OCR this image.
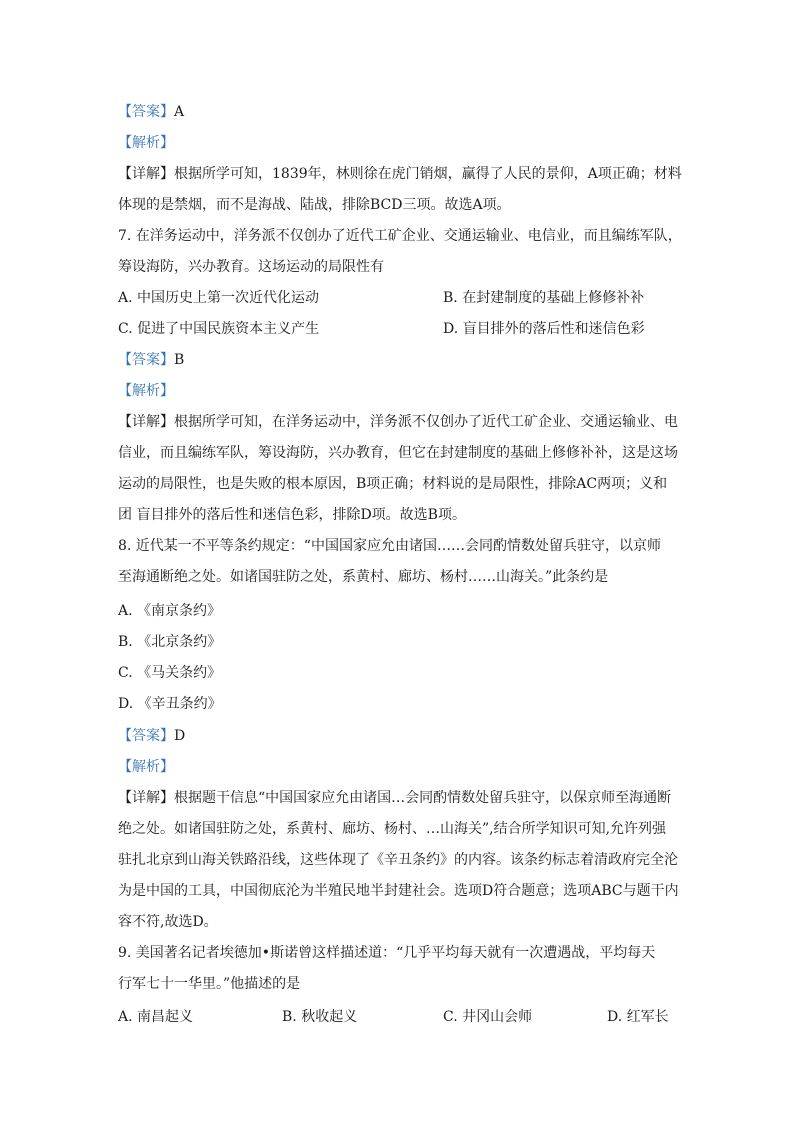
【答案】A
【解析】
【详解】根据所学可知，1839年，林则徐在虎门销烟，赢得了人民的景仰，A项正确；材料
体现的是禁烟，而不是海战、陆战，排除BCD三项。故选A项。
7. 在洋务运动中，洋务派不仅创办了近代工矿企业、交通运输业、电信业，而且编练军队，
筹设海防，兴办教育。这场运动的局限性有
A. 中国历史上第一次近代化运动	B. 在封建制度的基础上修修补补
C. 促进了中国民族资本主义产生	D. 盲目排外的落后性和迷信色彩
【答案】B
【解析】
【详解】根据所学可知，在洋务运动中，洋务派不仅创办了近代工矿企业、交通运输业、电
信业，而且编练军队，筹设海防，兴办教育，但它在封建制度的基础上修修补补，这是这场
运动的局限性，也是失败的根本原因，B项正确；材料说的是局限性，排除AC两项；义和
团 盲目排外的落后性和迷信色彩，排除D项。故选B项。
8. 近代某一不平等条约规定：“中国国家应允由诸国……会同酌情数处留兵驻守，以京师
至海通断绝之处。如诸国驻防之处，系黄村、廊坊、杨村……山海关。”此条约是
A. 《南京条约》
B. 《北京条约》
C. 《马关条约》
D. 《辛丑条约》
【答案】D
【解析】
【详解】根据题干信息“中国国家应允由诸国…会同酌情数处留兵驻守，以保京师至海通断
绝之处。如诸国驻防之处，系黄村、廊坊、杨村、…山海关”,结合所学知识可知,允许列强
驻扎北京到山海关铁路沿线，这些体现了《辛丑条约》的内容。该条约标志着清政府完全沦
为是中国的工具，中国彻底沦为半殖民地半封建社会。选项D符合题意；选项ABC与题干内
容不符,故选D。
9. 美国著名记者埃德加•斯诺曾这样描述道：“几乎平均每天就有一次遭遇战，平均每天
行军七十一华里。”他描述的是
A. 南昌起义	B. 秋收起义	C. 井冈山会师	D. 红军长
